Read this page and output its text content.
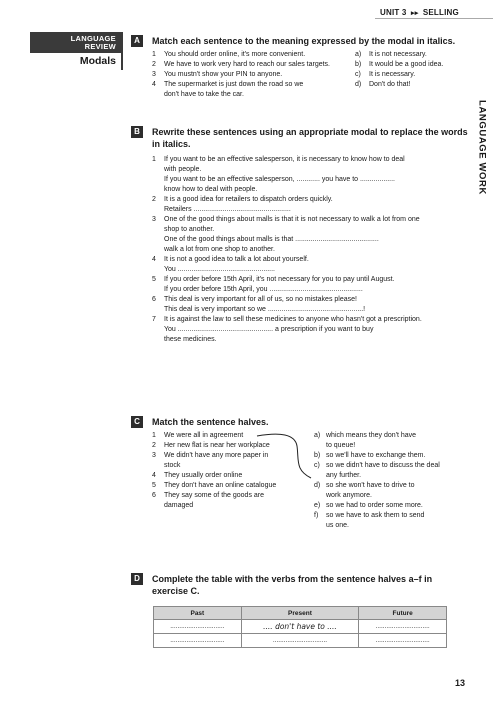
UNIT 3 ▸▸ SELLING
LANGUAGE
REVIEW
Modals
LANGUAGE WORK
A	Match each sentence to the meaning expressed by the modal in italics.
1 You should order online, it's more convenient.
2 We have to work very hard to reach our sales targets.
3 You mustn't show your PIN to anyone.
4 The supermarket is just down the road so we
don't have to take the car.
a) It is not necessary.
b) It would be a good idea.
c) It is necessary.
d) Don't do that!
B	Rewrite these sentences using an appropriate modal to replace the words
in italics.
1 If you want to be an effective salesperson, it is necessary to know how to deal
with people.
If you want to be an effective salesperson, ............ you have to ..................
know how to deal with people.
2 It is a good idea for retailers to dispatch orders quickly.
Retailers ..................................................
3 One of the good things about malls is that it is not necessary to walk a lot from one
shop to another.
One of the good things about malls is that ...........................................
walk a lot from one shop to another.
4 It is not a good idea to talk a lot about yourself.
You ..................................................
5 If you order before 15th April, it's not necessary for you to pay until August.
If you order before 15th April, you ................................................
6 This deal is very important for all of us, so no mistakes please!
This deal is very important so we .................................................!
7 It is against the law to sell these medicines to anyone who hasn't got a prescription.
You ................................................. a prescription if you want to buy
these medicines.
C	Match the sentence halves.
1 We were all in agreement
2 Her new flat is near her workplace
3 We didn't have any more paper in
stock
4 They usually order online
5 They don't have an online catalogue
6 They say some of the goods are
damaged
a) which means they don't have
to queue!
b) so we'll have to exchange them.
c) so we didn't have to discuss the deal
any further.
d) so she won't have to drive to
work anymore.
e) so we had to order some more.
f) so we have to ask them to send
us one.
D	Complete the table with the verbs from the sentence halves a–f in
exercise C.
Past	Present	Future
..............................	.... don't have to ....	..............................
..............................	..............................	..............................
13
